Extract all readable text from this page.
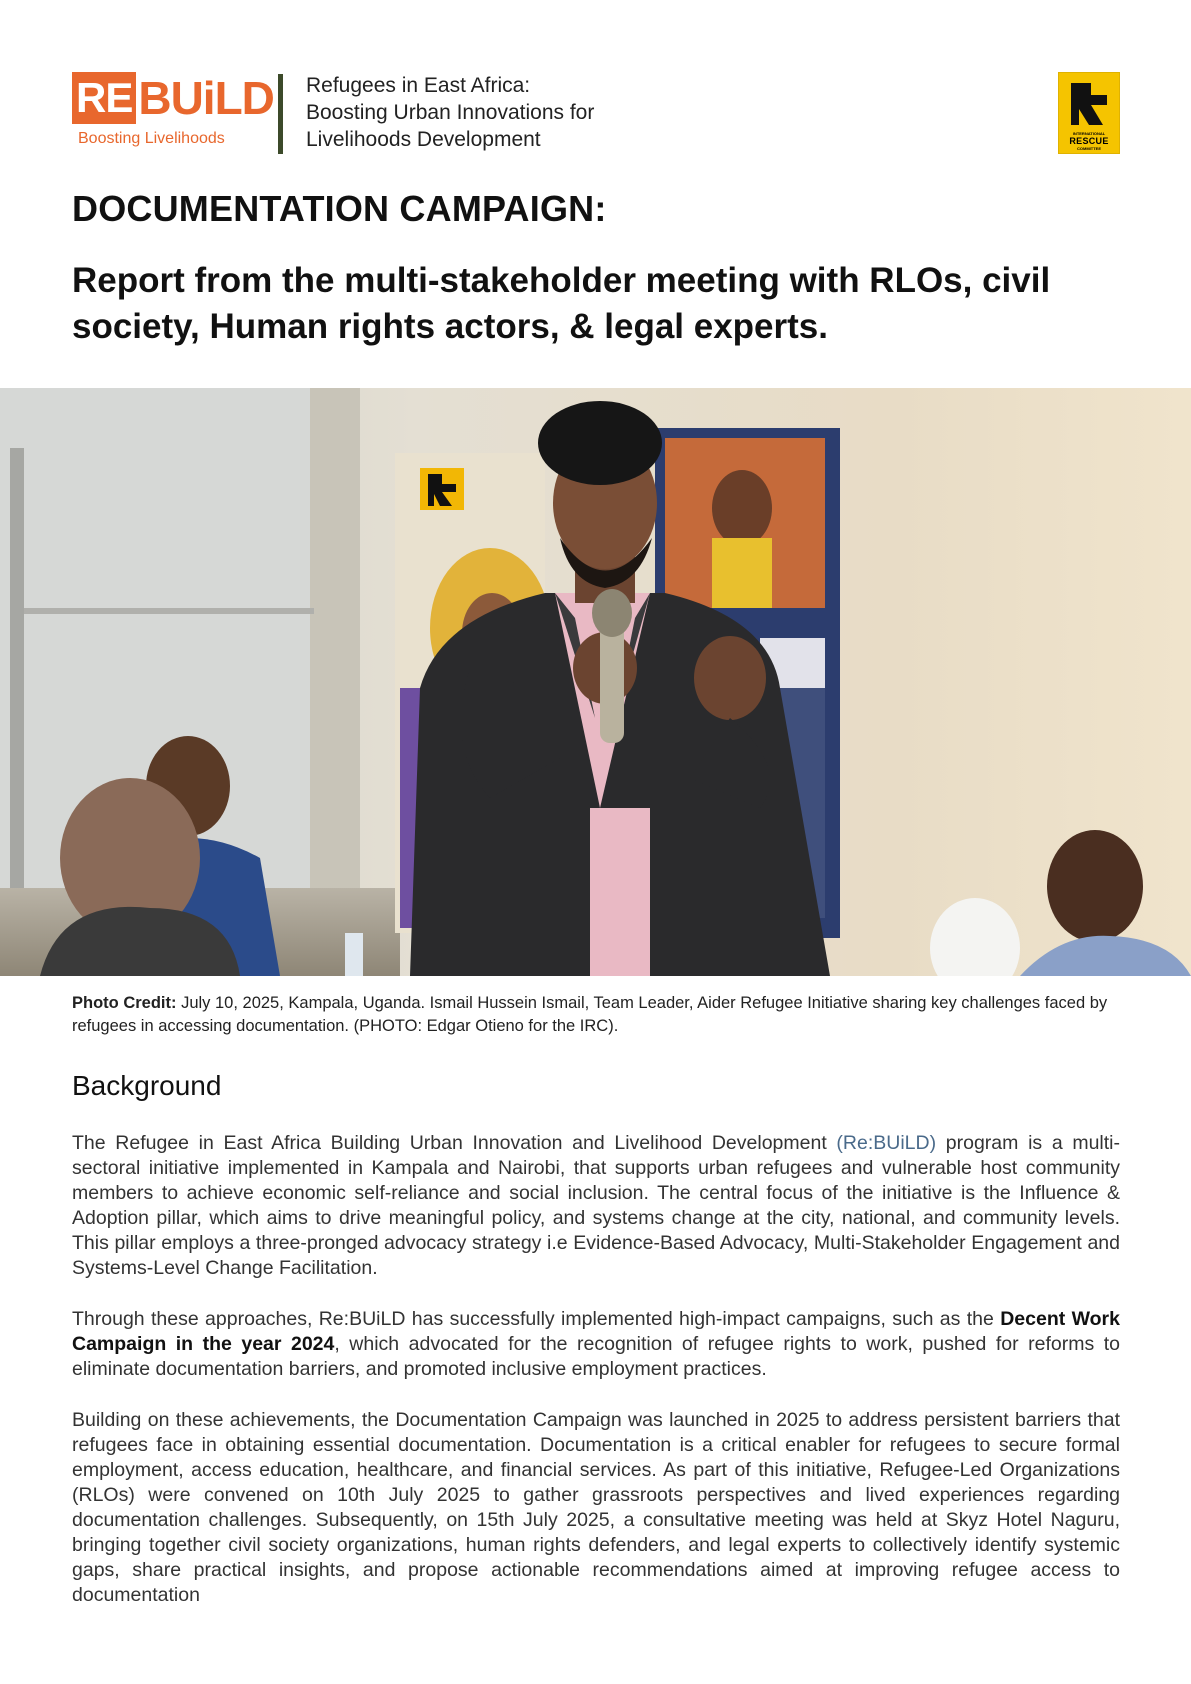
RE BUiLD
Boosting Livelihoods
Refugees in East Africa:
Boosting Urban Innovations for
Livelihoods Development	INTERNATIONAL
RESCUE
COMMITTEE
DOCUMENTATION CAMPAIGN:
Report from the multi-stakeholder meeting with RLOs, civil society, Human rights actors, & legal experts.

Photo Credit: July 10, 2025, Kampala, Uganda. Ismail Hussein Ismail, Team Leader, Aider Refugee Initiative sharing key challenges faced by refugees in accessing documentation. (PHOTO: Edgar Otieno for the IRC).

Background

The Refugee in East Africa Building Urban Innovation and Livelihood Development (Re:BUiLD) program is a multi-sectoral initiative implemented in Kampala and Nairobi, that supports urban refugees and vulnerable host community members to achieve economic self-reliance and social inclusion. The central focus of the initiative is the Influence & Adoption pillar, which aims to drive meaningful policy, and systems change at the city, national, and community levels. This pillar employs a three-pronged advocacy strategy i.e Evidence-Based Advocacy, Multi-Stakeholder Engagement and Systems-Level Change Facilitation.

Through these approaches, Re:BUiLD has successfully implemented high-impact campaigns, such as the Decent Work Campaign in the year 2024, which advocated for the recognition of refugee rights to work, pushed for reforms to eliminate documentation barriers, and promoted inclusive employment practices.

Building on these achievements, the Documentation Campaign was launched in 2025 to address persistent barriers that refugees face in obtaining essential documentation. Documentation is a critical enabler for refugees to secure formal employment, access education, healthcare, and financial services. As part of this initiative, Refugee-Led Organizations (RLOs) were convened on 10th July 2025 to gather grassroots perspectives and lived experiences regarding documentation challenges. Subsequently, on 15th July 2025, a consultative meeting was held at Skyz Hotel Naguru, bringing together civil society organizations, human rights defenders, and legal experts to collectively identify systemic gaps, share practical insights, and propose actionable recommendations aimed at improving refugee access to documentation
